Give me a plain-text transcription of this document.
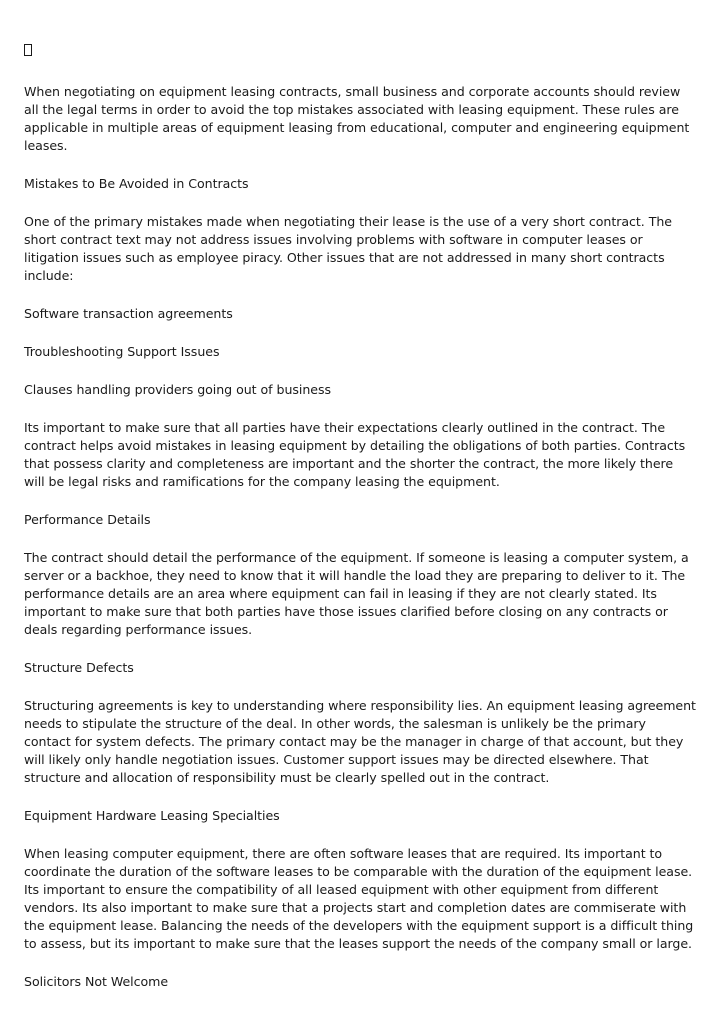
When negotiating on equipment leasing contracts, small business and corporate accounts should review all the legal terms in order to avoid the top mistakes associated with leasing equipment. These rules are applicable in multiple areas of equipment leasing from educational, computer and engineering equipment leases.

Mistakes to Be Avoided in Contracts

One of the primary mistakes made when negotiating their lease is the use of a very short contract. The short contract text may not address issues involving problems with software in computer leases or litigation issues such as employee piracy. Other issues that are not addressed in many short contracts include:

Software transaction agreements

Troubleshooting Support Issues

Clauses handling providers going out of business

Its important to make sure that all parties have their expectations clearly outlined in the contract. The contract helps avoid mistakes in leasing equipment by detailing the obligations of both parties. Contracts that possess clarity and completeness are important and the shorter the contract, the more likely there will be legal risks and ramifications for the company leasing the equipment.

Performance Details

The contract should detail the performance of the equipment. If someone is leasing a computer system, a server or a backhoe, they need to know that it will handle the load they are preparing to deliver to it. The performance details are an area where equipment can fail in leasing if they are not clearly stated. Its important to make sure that both parties have those issues clarified before closing on any contracts or deals regarding performance issues.

Structure Defects

Structuring agreements is key to understanding where responsibility lies. An equipment leasing agreement needs to stipulate the structure of the deal. In other words, the salesman is unlikely be the primary contact for system defects. The primary contact may be the manager in charge of that account, but they will likely only handle negotiation issues. Customer support issues may be directed elsewhere. That structure and allocation of responsibility must be clearly spelled out in the contract.

Equipment Hardware Leasing Specialties

When leasing computer equipment, there are often software leases that are required. Its important to coordinate the duration of the software leases to be comparable with the duration of the equipment lease. Its important to ensure the compatibility of all leased equipment with other equipment from different vendors. Its also important to make sure that a projects start and completion dates are commiserate with the equipment lease. Balancing the needs of the developers with the equipment support is a difficult thing to assess, but its important to make sure that the leases support the needs of the company small or large.

Solicitors Not Welcome
